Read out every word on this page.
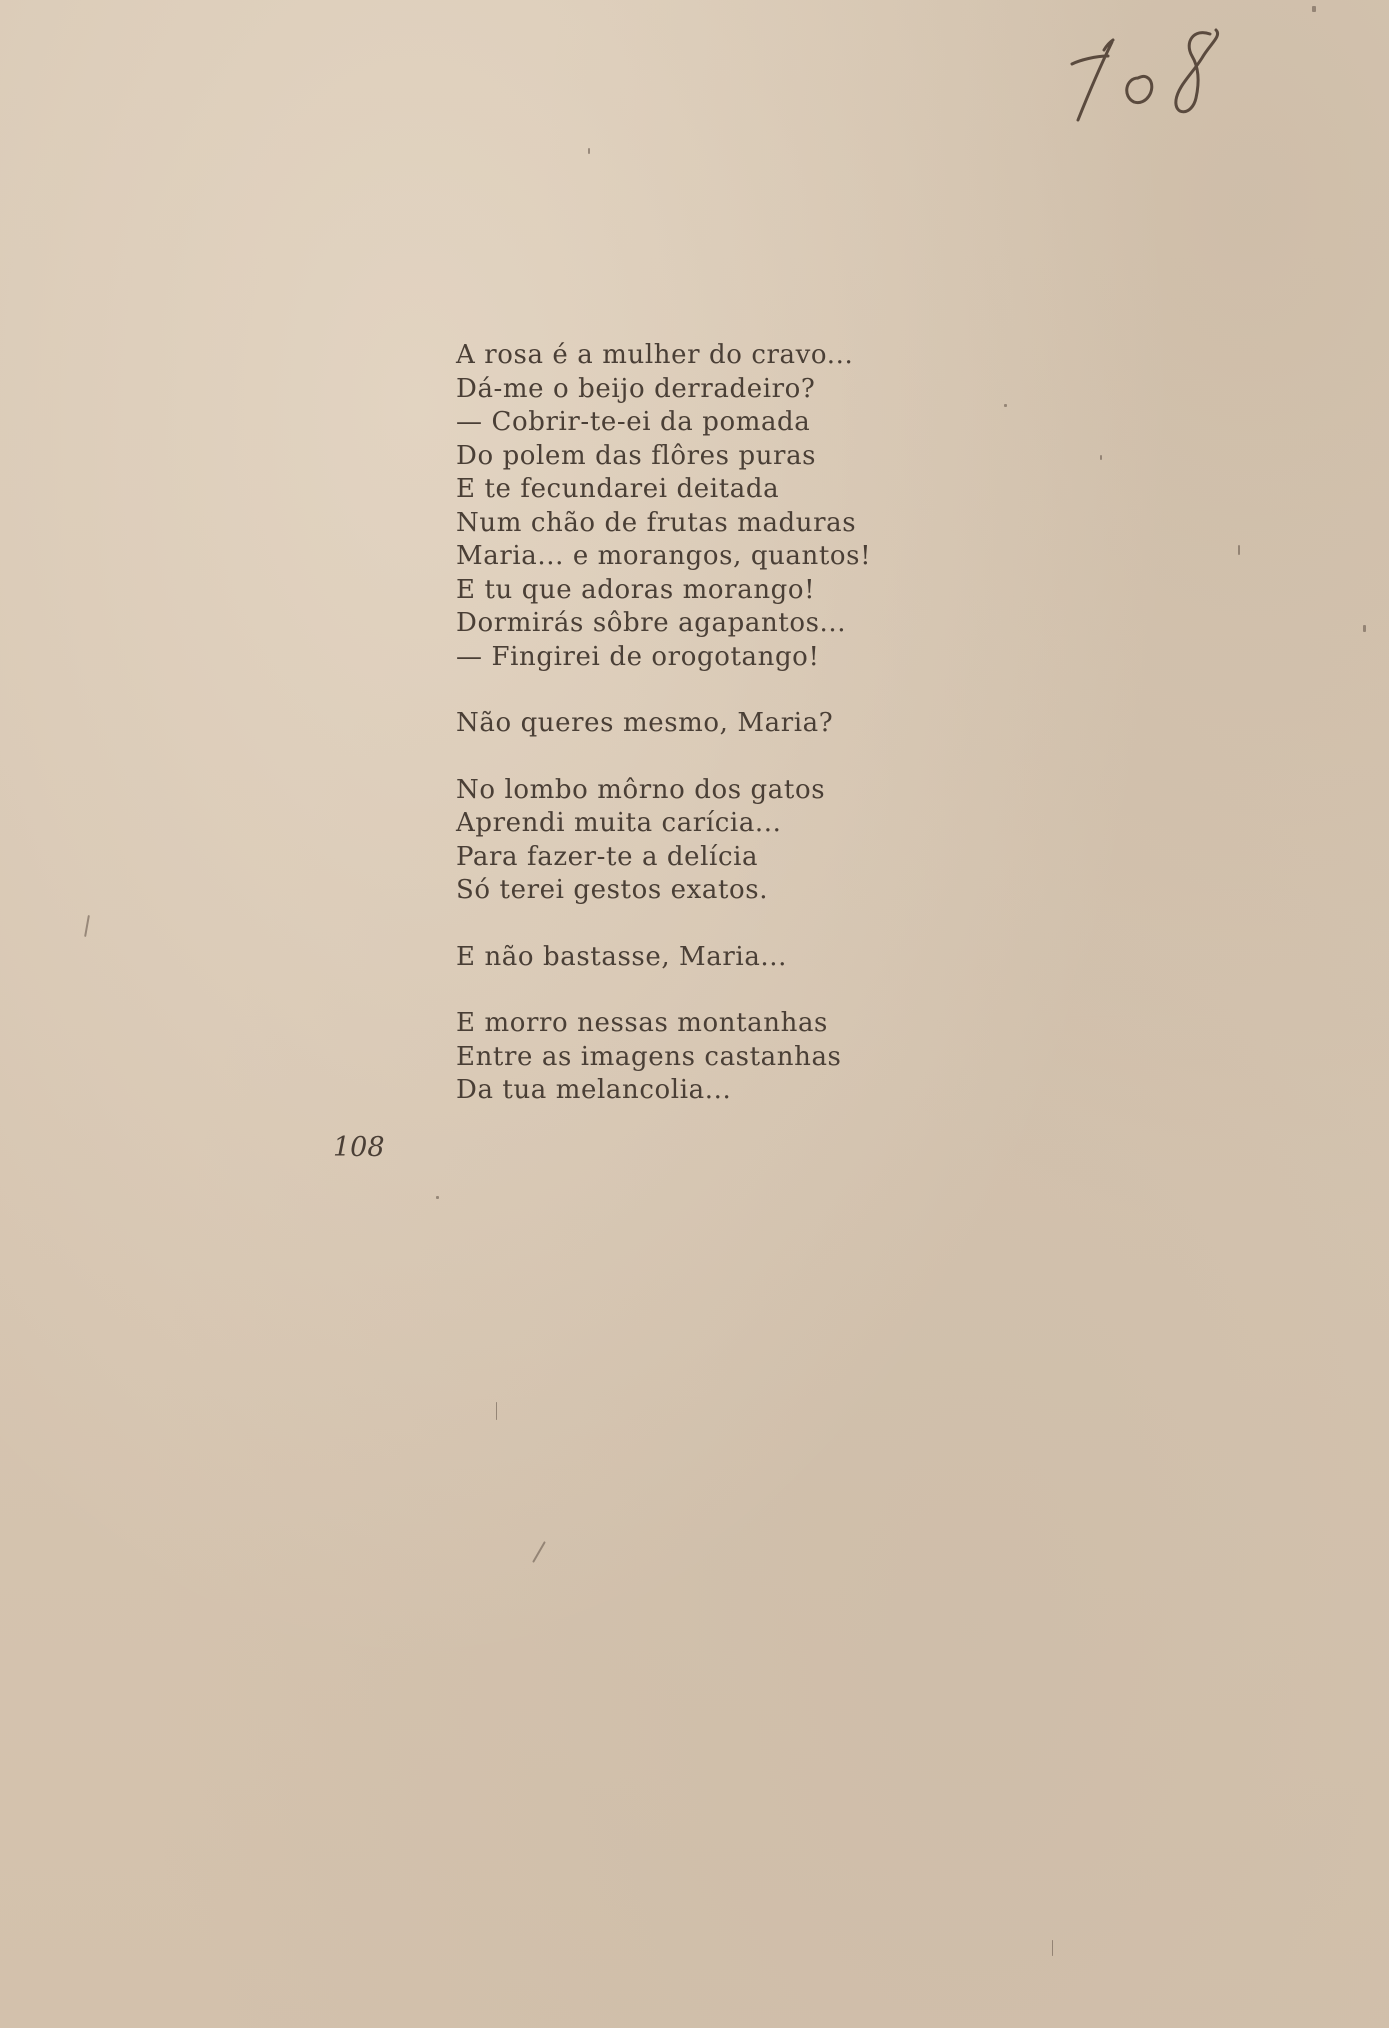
A rosa é a mulher do cravo...
Dá-me o beijo derradeiro?
— Cobrir-te-ei da pomada
Do polem das flôres puras
E te fecundarei deitada
Num chão de frutas maduras
Maria... e morangos, quantos!
E tu que adoras morango!
Dormirás sôbre agapantos...
— Fingirei de orogotango!
Não queres mesmo, Maria?
No lombo môrno dos gatos
Aprendi muita carícia...
Para fazer-te a delícia
Só terei gestos exatos.
E não bastasse, Maria...
E morro nessas montanhas
Entre as imagens castanhas
Da tua melancolia...
108
